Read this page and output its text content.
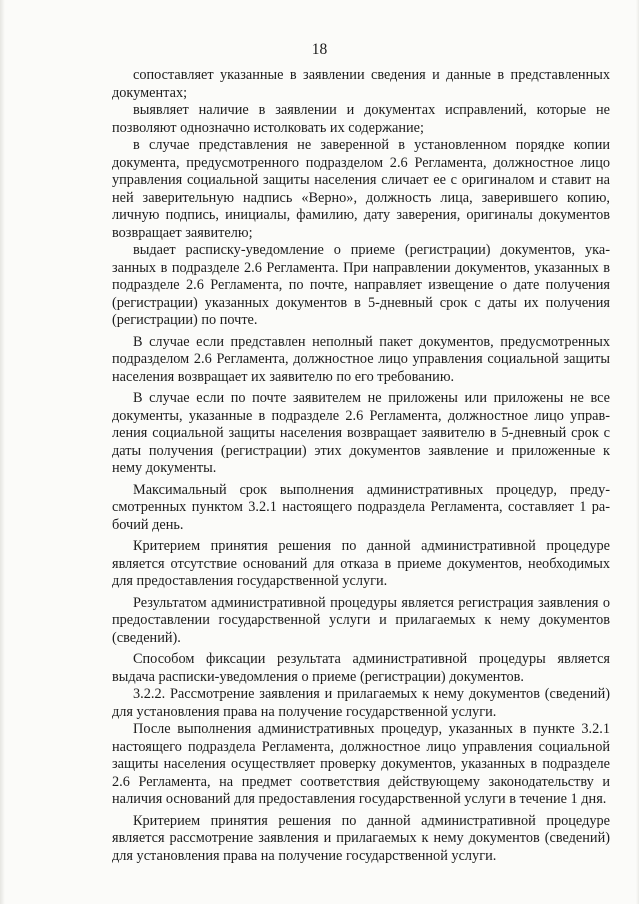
18

сопоставляет указанные в заявлении сведения и данные в представленных документах;

выявляет наличие в заявлении и документах исправлений, которые не позволяют однозначно истолковать их содержание;

в случае представления не заверенной в установленном порядке копии документа, предусмотренного подразделом 2.6 Регламента, должностное лицо управления социальной защиты населения сличает ее с оригиналом и ставит на ней заверительную надпись «Верно», должность лица, заверившего копию, личную подпись, инициалы, фамилию, дату заверения, оригиналы документов возвращает заявителю;

выдает расписку-уведомление о приеме (регистрации) документов, указанных в подразделе 2.6 Регламента. При направлении документов, указанных в подразделе 2.6 Регламента, по почте, направляет извещение о дате получения (регистрации) указанных документов в 5-дневный срок с даты их получения (регистрации) по почте.

В случае если представлен неполный пакет документов, предусмотренных подразделом 2.6 Регламента, должностное лицо управления социальной защиты населения возвращает их заявителю по его требованию.

В случае если по почте заявителем не приложены или приложены не все документы, указанные в подразделе 2.6 Регламента, должностное лицо управления социальной защиты населения возвращает заявителю в 5-дневный срок с даты получения (регистрации) этих документов заявление и приложенные к нему документы.

Максимальный срок выполнения административных процедур, предусмотренных пунктом 3.2.1 настоящего подраздела Регламента, составляет 1 рабочий день.

Критерием принятия решения по данной административной процедуре является отсутствие оснований для отказа в приеме документов, необходимых для предоставления государственной услуги.

Результатом административной процедуры является регистрация заявления о предоставлении государственной услуги и прилагаемых к нему документов (сведений).

Способом фиксации результата административной процедуры является выдача расписки-уведомления о приеме (регистрации) документов.

3.2.2. Рассмотрение заявления и прилагаемых к нему документов (сведений) для установления права на получение государственной услуги.

После выполнения административных процедур, указанных в пункте 3.2.1 настоящего подраздела Регламента, должностное лицо управления социальной защиты населения осуществляет проверку документов, указанных в подразделе 2.6 Регламента, на предмет соответствия действующему законодательству и наличия оснований для предоставления государственной услуги в течение 1 дня.

Критерием принятия решения по данной административной процедуре является рассмотрение заявления и прилагаемых к нему документов (сведений) для установления права на получение государственной услуги.
